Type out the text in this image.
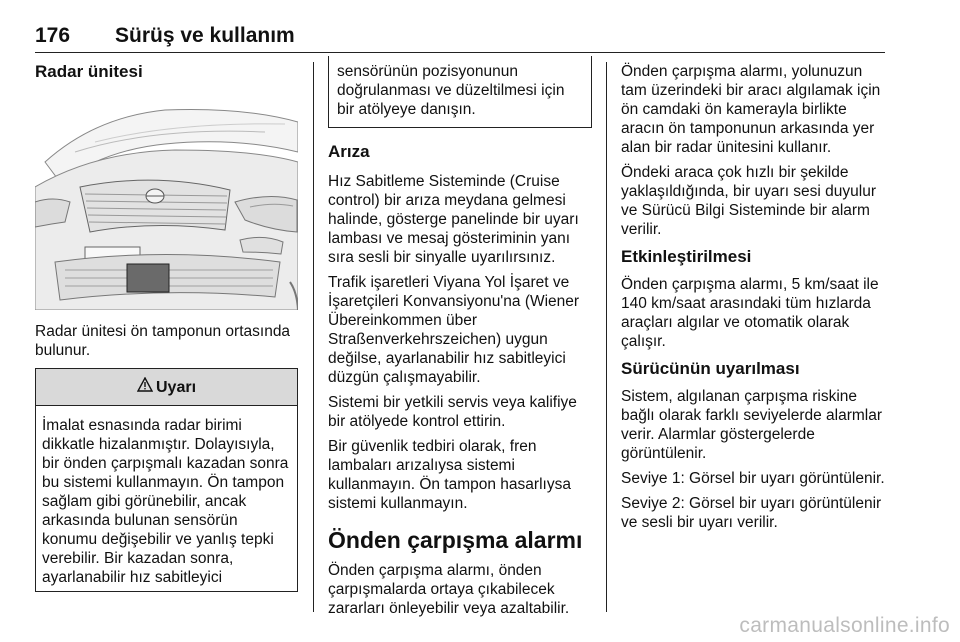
176 Sürüş ve kullanım
Radar ünitesi

Radar ünitesi ön tamponun ortasında bulunur.

Uyarı
İmalat esnasında radar birimi dikkatle hizalanmıştır. Dolayısıyla, bir önden çarpışmalı kazadan sonra bu sistemi kullanmayın. Ön tampon sağlam gibi görünebilir, ancak arkasında bulunan sensörün konumu değişebilir ve yanlış tepki verebilir. Bir kazadan sonra, ayarlanabilir hız sabitleyici
sensörünün pozisyonunun doğrulanması ve düzeltilmesi için bir atölyeye danışın.
Arıza

Hız Sabitleme Sisteminde (Cruise control) bir arıza meydana gelmesi halinde, gösterge panelinde bir uyarı lambası ve mesaj gösteriminin yanı sıra sesli bir sinyalle uyarılırsınız.

Trafik işaretleri Viyana Yol İşaret ve İşaretçileri Konvansiyonu'na (Wiener Übereinkommen über Straßenverkehrszeichen) uygun değilse, ayarlanabilir hız sabitleyici düzgün çalışmayabilir.

Sistemi bir yetkili servis veya kalifiye bir atölyede kontrol ettirin.

Bir güvenlik tedbiri olarak, fren lambaları arızalıysa sistemi kullanmayın. Ön tampon hasarlıysa sistemi kullanmayın.

Önden çarpışma alarmı

Önden çarpışma alarmı, önden çarpışmalarda ortaya çıkabilecek zararları önleyebilir veya azaltabilir.

Önden çarpışma alarmı, yolunuzun tam üzerindeki bir aracı algılamak için ön camdaki ön kamerayla birlikte aracın ön tamponunun arkasında yer alan bir radar ünitesini kullanır.

Öndeki araca çok hızlı bir şekilde yaklaşıldığında, bir uyarı sesi duyulur ve Sürücü Bilgi Sisteminde bir alarm verilir.

Etkinleştirilmesi

Önden çarpışma alarmı, 5 km/saat ile 140 km/saat arasındaki tüm hızlarda araçları algılar ve otomatik olarak çalışır.

Sürücünün uyarılması

Sistem, algılanan çarpışma riskine bağlı olarak farklı seviyelerde alarmlar verir. Alarmlar göstergelerde görüntülenir.

Seviye 1: Görsel bir uyarı görüntülenir.

Seviye 2: Görsel bir uyarı görüntülenir ve sesli bir uyarı verilir.

carmanualsonline.info
